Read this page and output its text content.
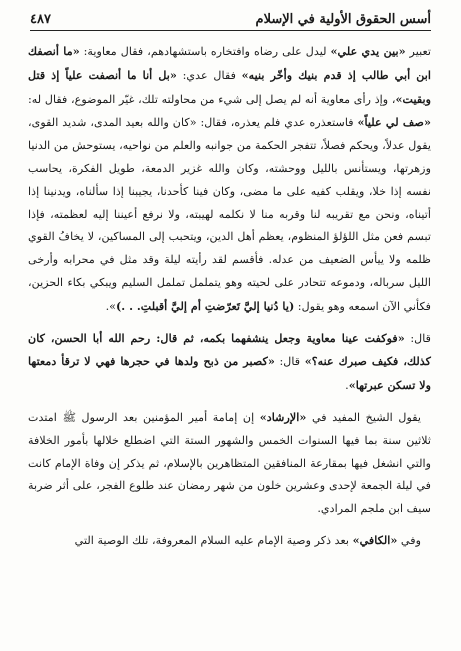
أسس الحقوق الأولية في الإسلام
٤٨٧

تعبير «بين يدي علي» ليدل على رضاه وافتخاره باستشهادهم، فقال معاوية: «ما أنصفك ابن أبي طالب إذ قدم بنيك وأخّر بنيه» فقال عدي: «بل أنا ما أنصفت علياً إذ قتل وبقيت»، وإذ رأى معاوية أنه لم يصل إلى شيء من محاولته تلك، غيّر الموضوع، فقال له: «صف لي علياً» فاستعذره عدي فلم يعذره، فقال: «كان والله بعيد المدى، شديد القوى، يقول عدلاً، ويحكم فصلاً، تتفجر الحكمة من جوانبه والعلم من نواحيه، يستوحش من الدنيا وزهرتها، ويستأنس بالليل ووحشته، وكان والله غزير الدمعة، طويل الفكرة، يحاسب نفسه إذا خلا، ويقلب كفيه على ما مضى، وكان فينا كأحدنا، يجيبنا إذا سألناه، ويدنينا إذا أتيناه، ونحن مع تقريبه لنا وقربه منا لا نكلمه لهيبته، ولا نرفع أعيننا إليه لعظمته، فإذا تبسم فعن مثل اللؤلؤ المنظوم، يعظم أهل الدين، ويتحبب إلى المساكين، لا يخافُ القوي ظلمه ولا ييأس الضعيف من عدله. فأقسم لقد رأيته ليلة وقد مثل في محرابه وأرخى الليل سرباله، ودموعه تتحادر على لحيته وهو يتململ تململ السليم ويبكي بكاء الحزين، فكأني الآن اسمعه وهو يقول: (يا دُنيا إليَّ تَعرّضتِ أم إليَّ أقبلتِ. . .)».

قال: «فوكفت عينا معاوية وجعل ينشفهما بكمه، ثم قال: رحم الله أبا الحسن، كان كذلك، فكيف صبرك عنه؟» قال: «كصبر من ذبح ولدها في حجرها فهي لا ترقأ دمعتها ولا تسكن عبرتها».

يقول الشيخ المفيد في «الإرشاد» إن إمامة أمير المؤمنين بعد الرسول ﷺ امتدت ثلاثين سنة بما فيها السنوات الخمس والشهور الستة التي اضطلع خلالها بأمور الخلافة والتي انشغل فيها بمقارعة المنافقين المتظاهرين بالإسلام، ثم يذكر إن وفاة الإمام كانت في ليلة الجمعة لإحدى وعشرين خلون من شهر رمضان عند طلوع الفجر، على أثر ضربة سيف ابن ملجم المرادي.

وفي «الكافي» بعد ذكر وصية الإمام عليه السلام المعروفة، تلك الوصية التي
